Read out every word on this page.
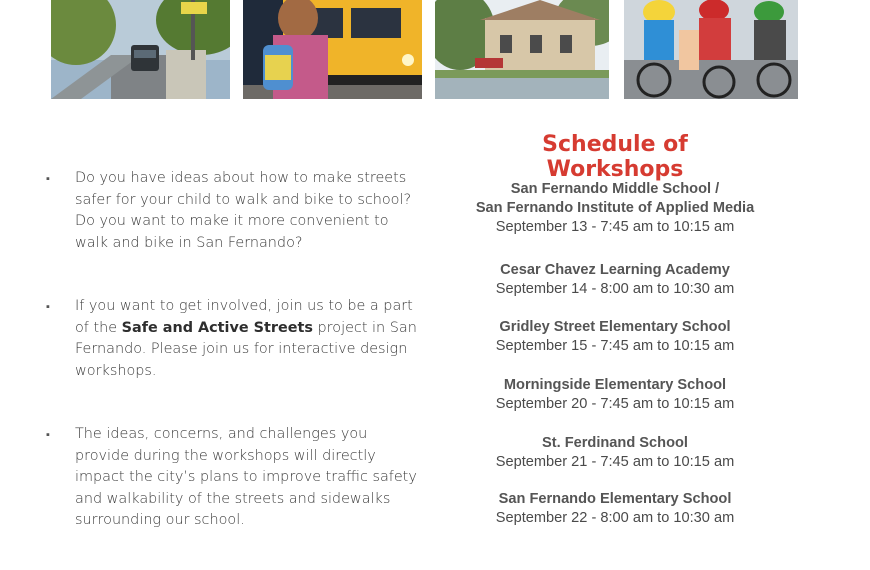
▪ Do you have ideas about how to make streets safer for your child to walk and bike to school? Do you want to make it more convenient to walk and bike in San Fernando?
▪ If you want to get involved, join us to be a part of the Safe and Active Streets project in San Fernando. Please join us for interactive design workshops.
▪ The ideas, concerns, and challenges you provide during the workshops will directly impact the city’s plans to improve traffic safety and walkability of the streets and sidewalks surrounding our school.
Schedule of Workshops
San Fernando Middle School /
San Fernando Institute of Applied Media
September 13 - 7:45 am to 10:15 am
Cesar Chavez Learning Academy
September 14 - 8:00 am to 10:30 am
Gridley Street Elementary School
September 15 - 7:45 am to 10:15 am
Morningside Elementary School
September 20 - 7:45 am to 10:15 am
St. Ferdinand School
September 21 - 7:45 am to 10:15 am
San Fernando Elementary School
September 22 - 8:00 am to 10:30 am
